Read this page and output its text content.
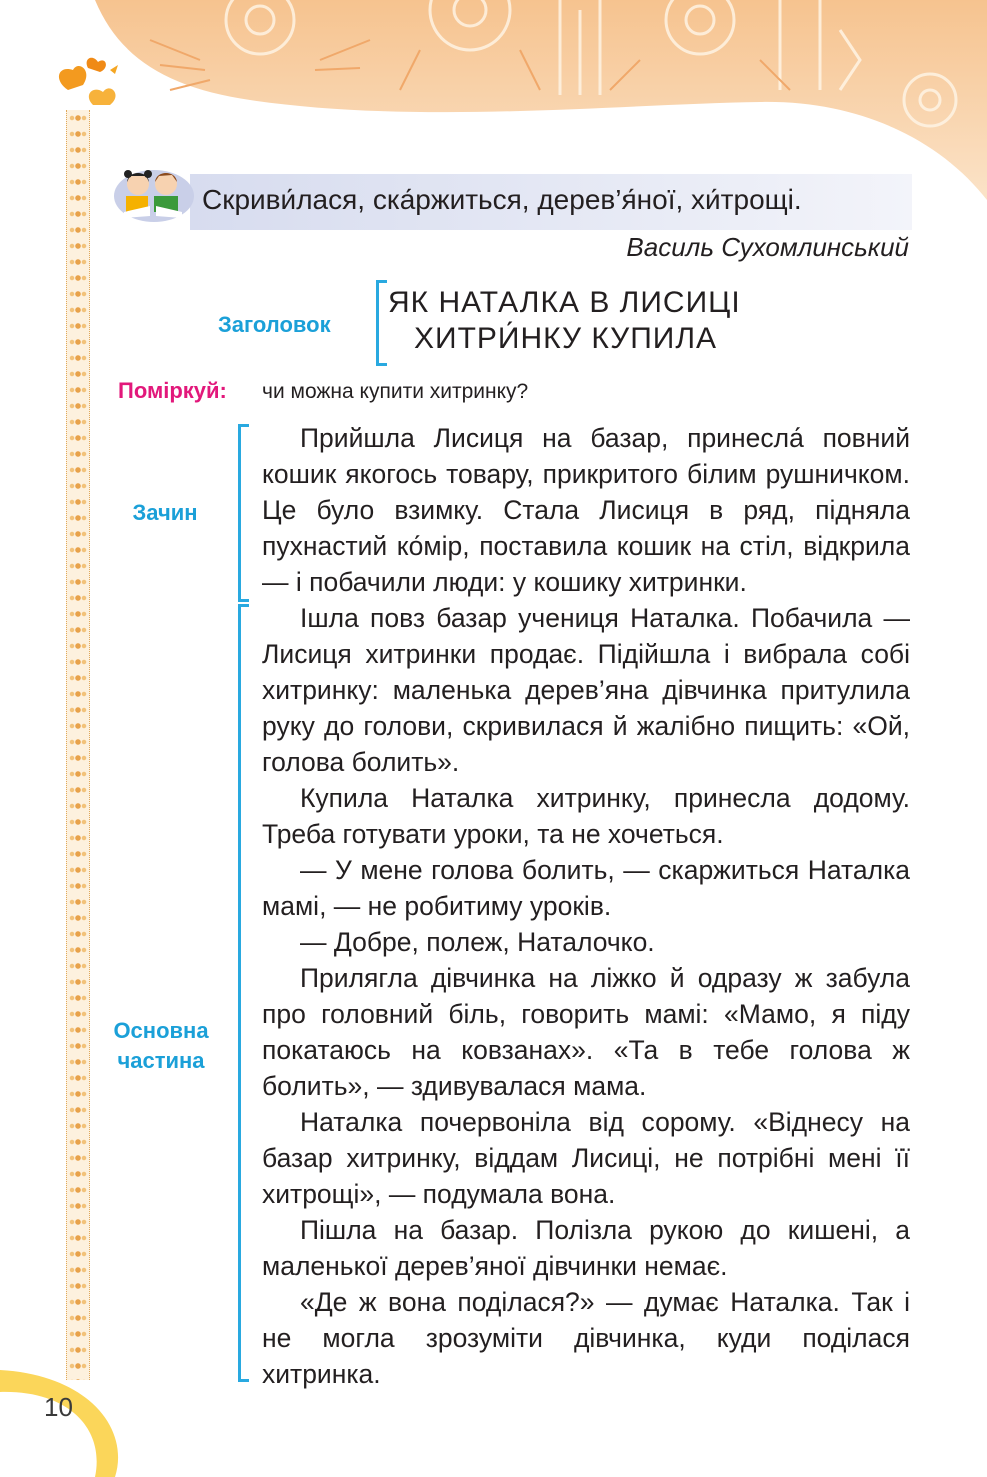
10
Скриви́лася, ска́ржиться, дерев’я́ної, хи́трощі.
Василь Сухомлинський
Заголовок
ЯК НАТАЛКА В ЛИСИЦІ
ХИТРИ́НКУ КУПИЛА
Поміркуй: чи можна купити хитринку?
Зачин
Основна
частина

Прийшла Лисиця на базар, принесла́ повний кошик якогось товару, прикритого білим рушничком. Це було взимку. Стала Лисиця в ряд, підняла пухнастий ко́мір, поставила кошик на стіл, відкрила — і побачили люди: у кошику хитринки.

Ішла повз базар учениця Наталка. Побачила — Лисиця хитринки продає. Підійшла і вибрала собі хитринку: маленька дерев’яна дівчинка притулила руку до голови, скривилася й жалібно пищить: «Ой, голова болить».

Купила Наталка хитринку, принесла додому. Треба готувати уроки, та не хочеться.

— У мене голова болить, — скаржиться Наталка мамі, — не робитиму уроків.

— Добре, полеж, Наталочко.

Прилягла дівчинка на ліжко й одразу ж забула про головний біль, говорить мамі: «Мамо, я піду покатаюсь на ковзанах». «Та в тебе голова ж болить», — здивувалася мама.

Наталка почервоніла від сорому. «Віднесу на базар хитринку, віддам Лисиці, не потрібні мені її хитрощі», — подумала вона.

Пішла на базар. Полізла рукою до кишені, а маленької дерев’яної дівчинки немає.

«Де ж вона поділася?» — думає Наталка. Так і не могла зрозуміти дівчинка, куди поділася хитринка.
